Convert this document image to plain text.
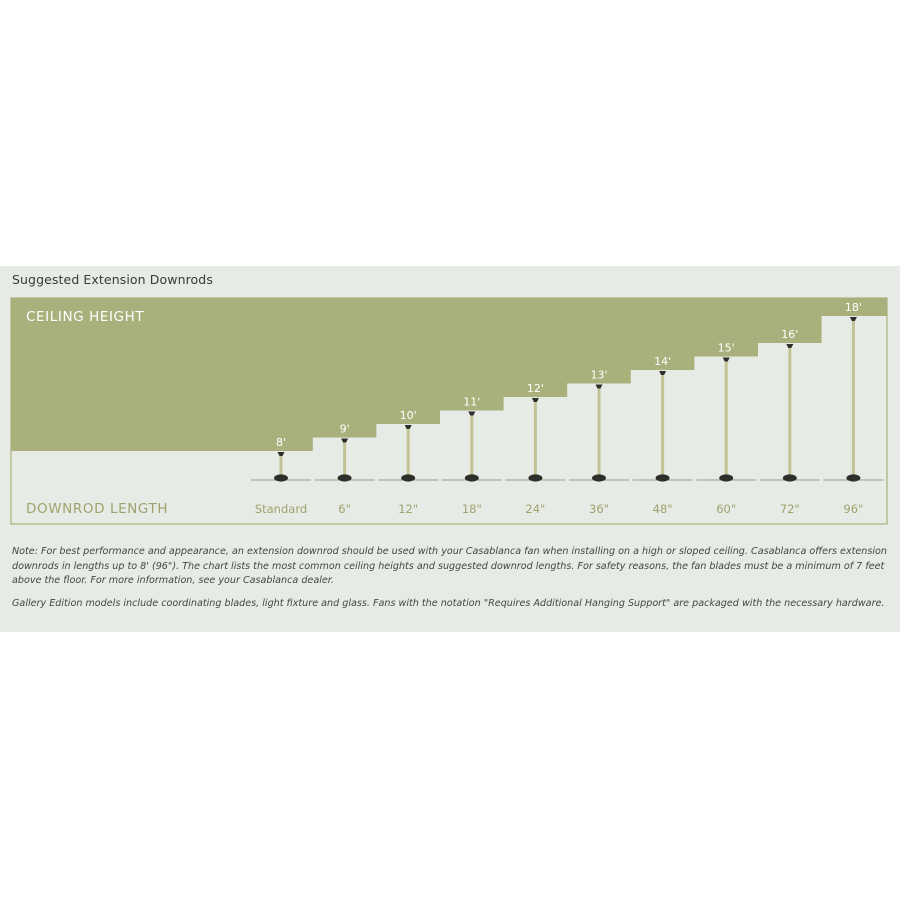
Suggested Extension Downrods
CEILING HEIGHT
DOWNROD LENGTH
8'
Standard
9'
6"
10'
12"
11'
18"
12'
24"
13'
36"
14'
48"
15'
60"
16'
72"
18'
96"

Note: For best performance and appearance, an extension downrod should be used with your Casablanca fan when installing on a high or sloped ceiling. Casablanca offers extension downrods in lengths up to 8' (96"). The chart lists the most common ceiling heights and suggested downrod lengths. For safety reasons, the fan blades must be a minimum of 7 feet above the floor. For more information, see your Casablanca dealer.

Gallery Edition models include coordinating blades, light fixture and glass. Fans with the notation "Requires Additional Hanging Support" are packaged with the necessary hardware.
